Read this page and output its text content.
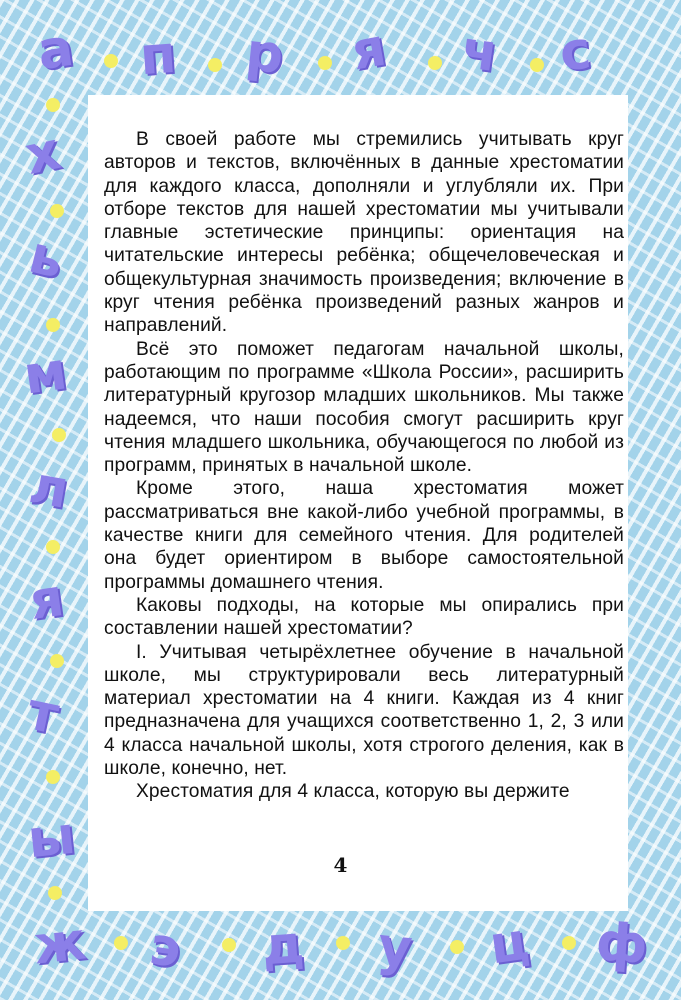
а п р я ч с
х
ь
м
л
я
т
ы
ж э д у ц ф

В своей работе мы стремились учитывать круг авторов и текстов, включённых в данные хрестоматии для каждого класса, дополняли и углубляли их. При отборе текстов для нашей хрестоматии мы учитывали главные эстетические принципы: ориентация на читательские интересы ребёнка; общечеловеческая и общекультурная значимость произведения; включение в круг чтения ребёнка произведений разных жанров и направлений.

Всё это поможет педагогам начальной школы, работающим по программе «Школа России», расширить литературный кругозор младших школьников. Мы также надеемся, что наши пособия смогут расширить круг чтения младшего школьника, обучающегося по любой из программ, принятых в начальной школе.

Кроме этого, наша хрестоматия может рассматриваться вне какой-либо учебной программы, в качестве книги для семейного чтения. Для родителей она будет ориентиром в выборе самостоятельной программы домашнего чтения.

Каковы подходы, на которые мы опирались при составлении нашей хрестоматии?

I. Учитывая четырёхлетнее обучение в начальной школе, мы структурировали весь литературный материал хрестоматии на 4 книги. Каждая из 4 книг предназначена для учащихся соответственно 1, 2, 3 или 4 класса начальной школы, хотя строгого деления, как в школе, конечно, нет.

Хрестоматия для 4 класса, которую вы держите

4
